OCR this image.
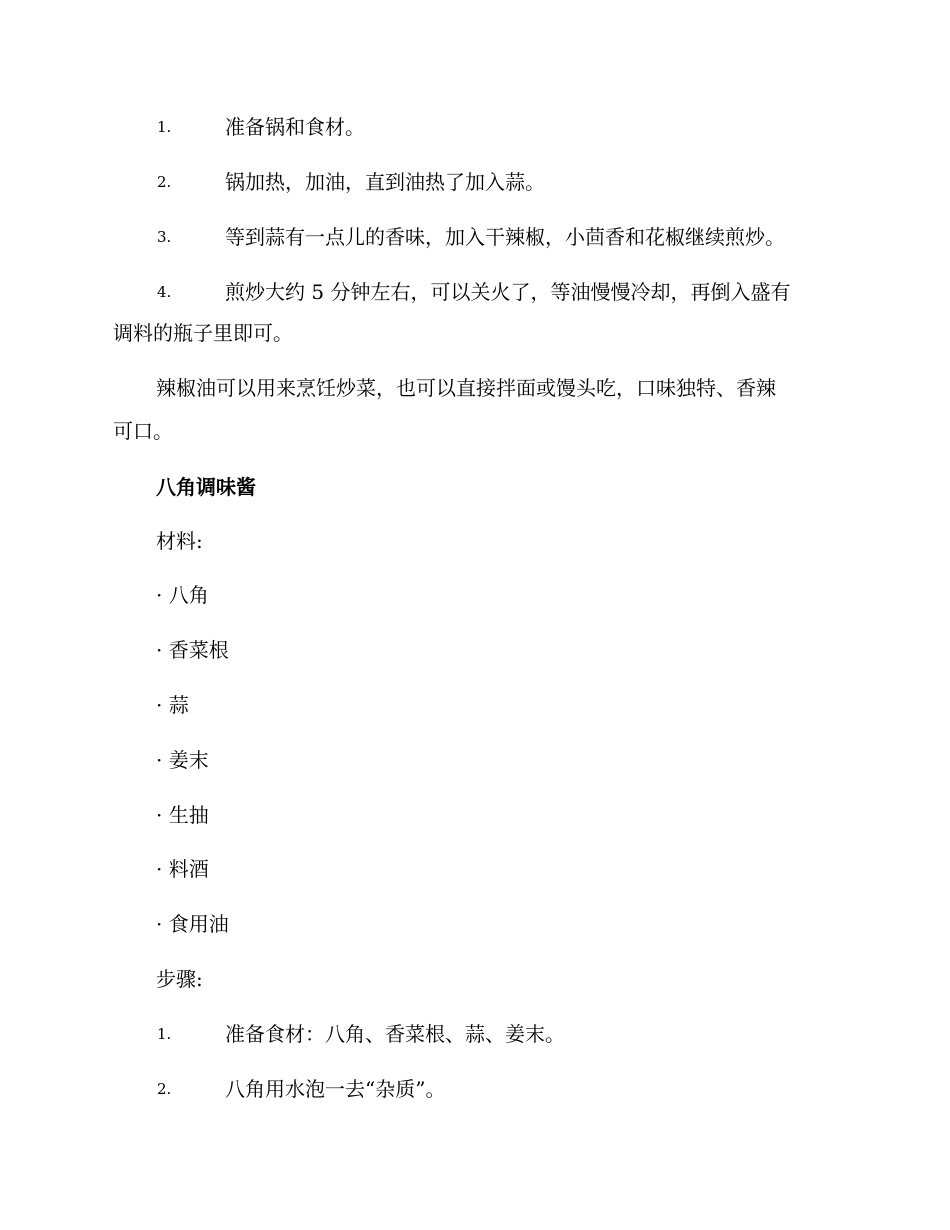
1.	准备锅和食材。
2.	锅加热，加油，直到油热了加入蒜。
3.	等到蒜有一点儿的香味，加入干辣椒，小茴香和花椒继续煎炒。
4.	煎炒大约 5 分钟左右，可以关火了，等油慢慢冷却，再倒入盛有
调料的瓶子里即可。
辣椒油可以用来烹饪炒菜，也可以直接拌面或馒头吃，口味独特、香辣
可口。
八角调味酱
材料:
· 八角
· 香菜根
· 蒜
· 姜末
· 生抽
· 料酒
· 食用油
步骤:
1.	准备食材：八角、香菜根、蒜、姜末。
2.	八角用水泡一去“杂质”。
